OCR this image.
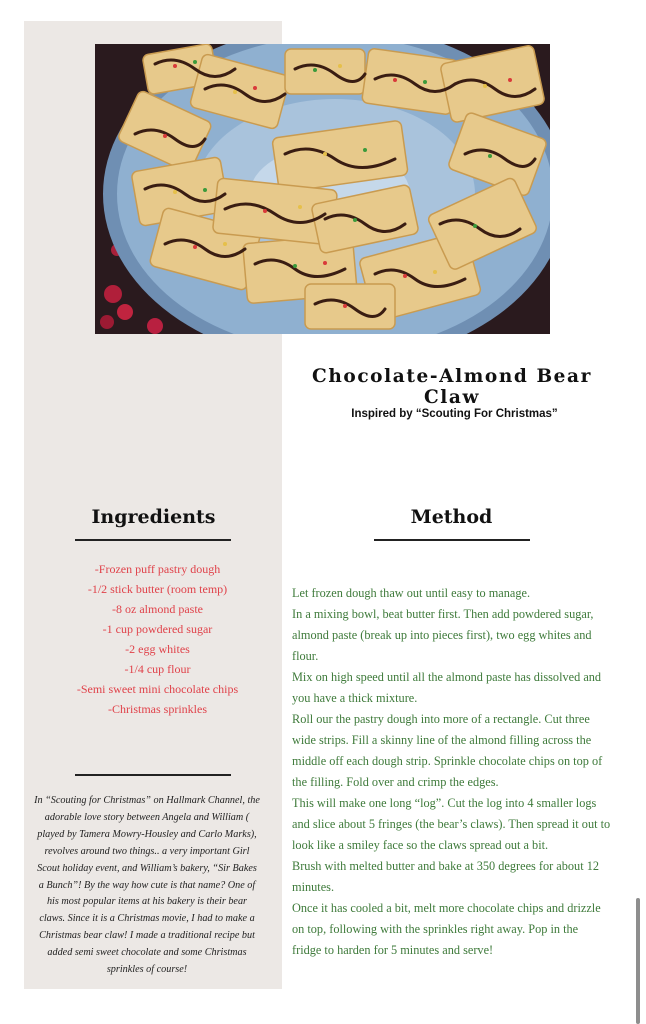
Chocolate-Almond Bear Claw
Inspired by “Scouting For Christmas”
Ingredients
-Frozen puff pastry dough
-1/2 stick butter (room temp)
-8 oz almond paste
-1 cup powdered sugar
-2 egg whites
-1/4 cup flour
-Semi sweet mini chocolate chips
-Christmas sprinkles

In “Scouting for Christmas” on Hallmark Channel, the adorable love story between Angela and William ( played by Tamera Mowry-Housley and Carlo Marks), revolves around two things.. a very important Girl Scout holiday event, and William’s bakery, “Sir Bakes a Bunch”! By the way how cute is that name? One of his most popular items at his bakery is their bear claws. Since it is a Christmas movie, I had to make a Christmas bear claw! I made a traditional recipe but added semi sweet chocolate and some Christmas sprinkles of course!

Method
Let frozen dough thaw out until easy to manage.
In a mixing bowl, beat butter first. Then add powdered sugar,
almond paste (break up into pieces first), two egg whites and
flour.
Mix on high speed until all the almond paste has dissolved and
you have a thick mixture.
Roll our the pastry dough into more of a rectangle. Cut three
wide strips. Fill a skinny line of the almond filling across the
middle off each dough strip. Sprinkle chocolate chips on top of
the filling. Fold over and crimp the edges.
This will make one long “log”. Cut the log into 4 smaller logs
and slice about 5 fringes (the bear’s claws). Then spread it out to
look like a smiley face so the claws spread out a bit.
Brush with melted butter and bake at 350 degrees for about 12
minutes.
Once it has cooled a bit, melt more chocolate chips and drizzle
on top, following with the sprinkles right away. Pop in the
fridge to harden for 5 minutes and serve!
